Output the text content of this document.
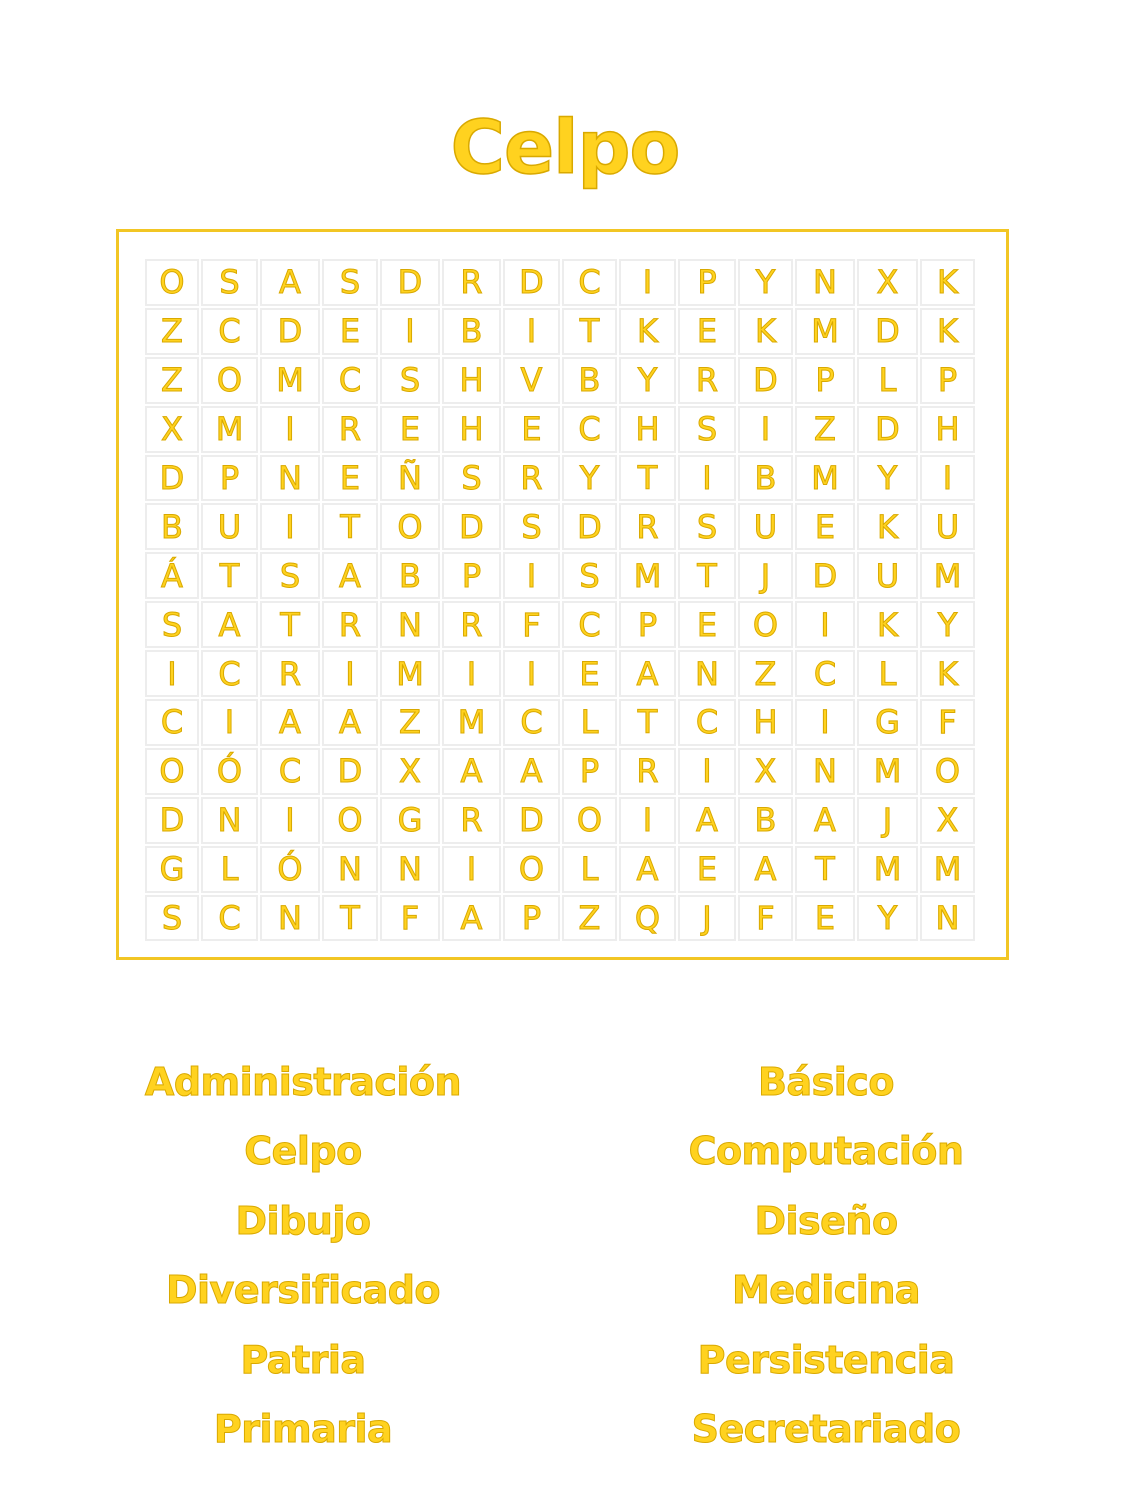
Celpo
O	S	A	S	D	R	D	C	I	P	Y	N	X	K
Z	C	D	E	I	B	I	T	K	E	K	M	D	K
Z	O	M	C	S	H	V	B	Y	R	D	P	L	P
X	M	I	R	E	H	E	C	H	S	I	Z	D	H
D	P	N	E	Ñ	S	R	Y	T	I	B	M	Y	I
B	U	I	T	O	D	S	D	R	S	U	E	K	U
Á	T	S	A	B	P	I	S	M	T	J	D	U	M
S	A	T	R	N	R	F	C	P	E	O	I	K	Y
I	C	R	I	M	I	I	E	A	N	Z	C	L	K
C	I	A	A	Z	M	C	L	T	C	H	I	G	F
O	Ó	C	D	X	A	A	P	R	I	X	N	M	O
D	N	I	O	G	R	D	O	I	A	B	A	J	X
G	L	Ó	N	N	I	O	L	A	E	A	T	M	M
S	C	N	T	F	A	P	Z	Q	J	F	E	Y	N
Administración
Celpo
Dibujo
Diversificado
Patria
Primaria
Básico
Computación
Diseño
Medicina
Persistencia
Secretariado
